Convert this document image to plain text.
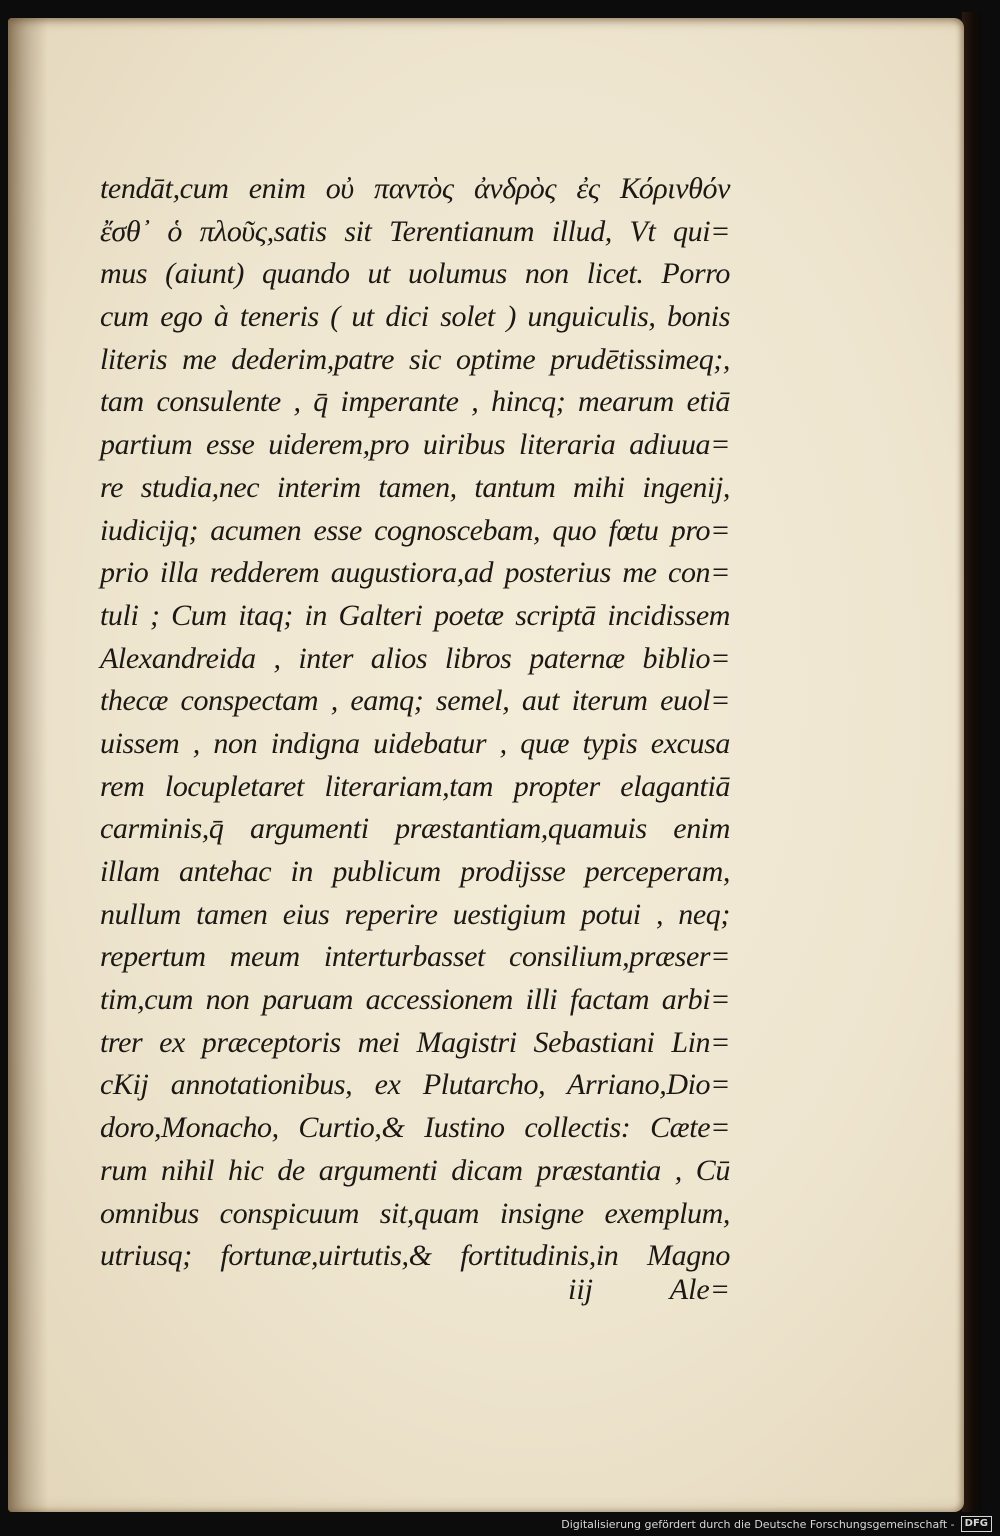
tendāt,cum enim οὐ παντὸς ἀνδρὸς ἐς Κόρινθόν
ἔσθ᾽ ὁ πλοῦς,satis sit Terentianum illud, Vt qui=
mus (aiunt) quando ut uolumus non licet. Porro
cum ego à teneris ( ut dici solet ) unguiculis, bonis
literis me dederim,patre sic optime prudētissimeq;,
tam consulente , q̄ imperante , hincq; mearum etiā
partium esse uiderem,pro uiribus literaria adiuua=
re studia,nec interim tamen, tantum mihi ingenij,
iudicijq; acumen esse cognoscebam, quo fœtu pro=
prio illa redderem augustiora,ad posterius me con=
tuli ; Cum itaq; in Galteri poetæ scriptā incidissem
Alexandreida , inter alios libros paternæ biblio=
thecæ conspectam , eamq; semel, aut iterum euol=
uissem , non indigna uidebatur , quæ typis excusa
rem locupletaret literariam,tam propter elagantiā
carminis,q̄ argumenti præstantiam,quamuis enim
illam antehac in publicum prodijsse perceperam,
nullum tamen eius reperire uestigium potui , neq;
repertum meum interturbasset consilium,præser=
tim,cum non paruam accessionem illi factam arbi=
trer ex præceptoris mei Magistri Sebastiani Lin=
cKij annotationibus, ex Plutarcho, Arriano,Dio=
doro,Monacho, Curtio,& Iustino collectis: Cæte=
rum nihil hic de argumenti dicam præstantia , Cū
omnibus conspicuum sit,quam insigne exemplum,
utriusq; fortunæ,uirtutis,& fortitudinis,in Magno
iij	Ale=
Digitalisierung gefördert durch die Deutsche Forschungsgemeinschaft -	DFG
